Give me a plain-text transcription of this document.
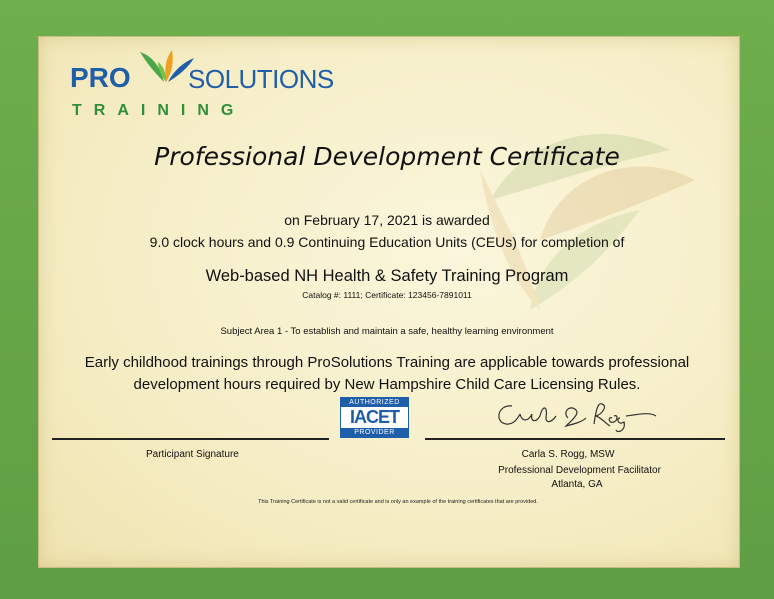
PRO SOLUTIONS
TRAINING
Professional Development Certificate
on February 17, 2021 is awarded
9.0 clock hours and 0.9 Continuing Education Units (CEUs) for completion of
Web-based NH Health & Safety Training Program
Catalog #: 1111; Certificate: 123456-7891011
Subject Area 1 - To establish and maintain a safe, healthy learning environment
Early childhood trainings through ProSolutions Training are applicable towards professional
development hours required by New Hampshire Child Care Licensing Rules.
AUTHORIZED
IACET
PROVIDER
Participant Signature	Carla S. Rogg, MSW
Professional Development Facilitator
Atlanta, GA
This Training Certificate is not a valid certificate and is only an example of the training certificates that are provided.
